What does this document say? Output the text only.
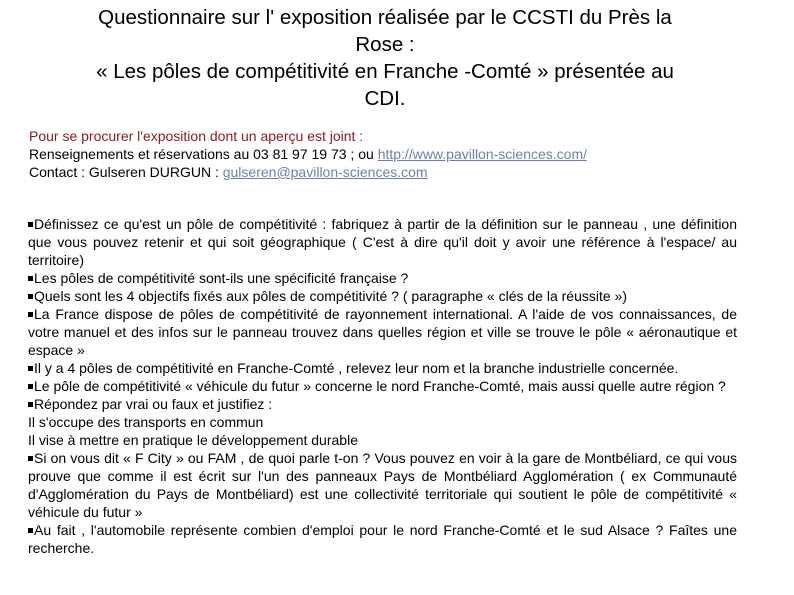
Questionnaire sur l' exposition réalisée par le CCSTI du Près la
Rose :
« Les pôles de compétitivité en Franche -Comté » présentée au
CDI.
Pour se procurer l'exposition dont un aperçu est joint :
Renseignements et réservations au 03 81 97 19 73 ; ou http://www.pavillon-sciences.com/
Contact : Gulseren DURGUN : gulseren@pavillon-sciences.com

Définissez ce qu'est un pôle de compétitivité : fabriquez à partir de la définition sur le panneau , une définition que vous pouvez retenir et qui soit géographique ( C'est à dire qu'il doit y avoir une référence à l'espace/ au territoire)

Les pôles de compétitivité sont-ils une spécificité française ?

Quels sont les 4 objectifs fixés aux pôles de compétitivité ? ( paragraphe « clés de la réussite »)

La France dispose de pôles de compétitivité de rayonnement international. A l'aide de vos connaissances, de votre manuel et des infos sur le panneau trouvez dans quelles région et ville se trouve le pôle « aéronautique et espace »

Il y a 4 pôles de compétitivité en Franche-Comté , relevez leur nom et la branche industrielle concernée.

Le pôle de compétitivité « véhicule du futur » concerne le nord Franche-Comté, mais aussi quelle autre région ?

Répondez par vrai ou faux et justifiez :

Il s'occupe des transports en commun

Il vise à mettre en pratique le développement durable

Si on vous dit « F City » ou FAM , de quoi parle t-on ? Vous pouvez en voir à la gare de Montbéliard, ce qui vous prouve que comme il est écrit sur l'un des panneaux Pays de Montbéliard Agglomération ( ex Communauté d'Agglomération du Pays de Montbéliard) est une collectivité territoriale qui soutient le pôle de compétitivité « véhicule du futur »

Au fait , l'automobile représente combien d'emploi pour le nord Franche-Comté et le sud Alsace ? Faîtes une recherche.
